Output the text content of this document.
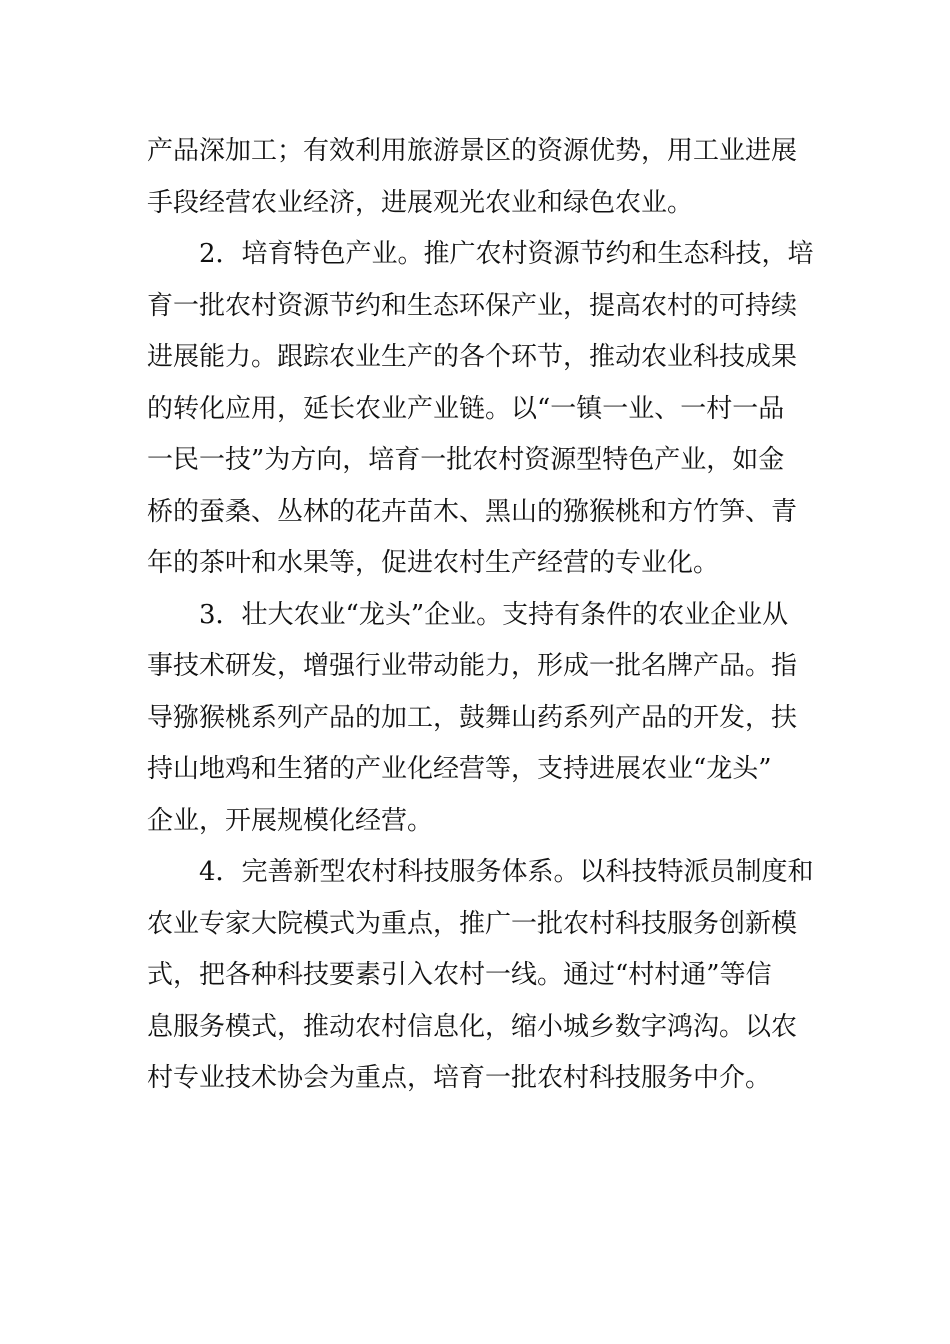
产品深加工；有效利用旅游景区的资源优势，用工业进展
手段经营农业经济，进展观光农业和绿色农业。
2．培育特色产业。推广农村资源节约和生态科技，培
育一批农村资源节约和生态环保产业，提高农村的可持续
进展能力。跟踪农业生产的各个环节，推动农业科技成果
的转化应用，延长农业产业链。以“一镇一业、一村一品
一民一技”为方向，培育一批农村资源型特色产业，如金
桥的蚕桑、丛林的花卉苗木、黑山的猕猴桃和方竹笋、青
年的茶叶和水果等，促进农村生产经营的专业化。
3．壮大农业“龙头”企业。支持有条件的农业企业从
事技术研发，增强行业带动能力，形成一批名牌产品。指
导猕猴桃系列产品的加工，鼓舞山药系列产品的开发，扶
持山地鸡和生猪的产业化经营等，支持进展农业“龙头”
企业，开展规模化经营。
4．完善新型农村科技服务体系。以科技特派员制度和
农业专家大院模式为重点，推广一批农村科技服务创新模
式，把各种科技要素引入农村一线。通过“村村通”等信
息服务模式，推动农村信息化，缩小城乡数字鸿沟。以农
村专业技术协会为重点，培育一批农村科技服务中介。
